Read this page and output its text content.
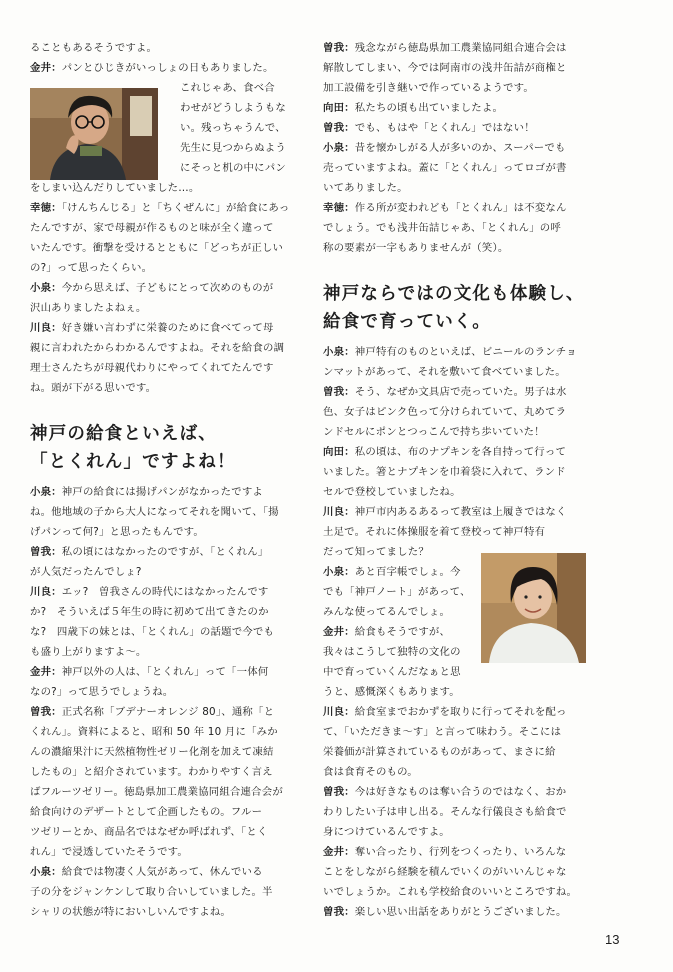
ることもあるそうですよ。
金井：パンとひじきがいっしょの日もありました。
これじゃあ、食べ合
わせがどうしようもな
い。残っちゃうんで、
先生に見つからぬよう
にそっと机の中にパン
をしまい込んだりしていました…。
幸徳：「けんちんじる」と「ちくぜんに」が給食にあっ
たんですが、家で母親が作るものと味が全く違って
いたんです。衝撃を受けるとともに「どっちが正しい
の?」って思ったくらい。
小泉：今から思えば、子どもにとって次めのものが
沢山ありましたよねぇ。
川良：好き嫌い言わずに栄養のために食べてって母
親に言われたからわかるんですよね。それを給食の調
理士さんたちが母親代わりにやってくれてたんです
ね。頭が下がる思いです。
神戸の給食といえば、
「とくれん」ですよね！
小泉：神戸の給食には揚げパンがなかったですよ
ね。他地域の子から大人になってそれを聞いて、「揚
げパンって何?」と思ったもんです。
曽我：私の頃にはなかったのですが、「とくれん」
が人気だったんでしょ?
川良：エッ?　曽我さんの時代にはなかったんです
か?　そういえば５年生の時に初めて出てきたのか
な?　四歳下の妹とは、「とくれん」の話題で今でも
も盛り上がりますよ〜。
金井：神戸以外の人は、「とくれん」って「一体何
なの?」って思うでしょうね。
曽我：正式名称「ブデナーオレンジ 80」、通称「と
くれん」。資料によると、昭和 50 年 10 月に「みか
んの濃縮果汁に天然植物性ゼリー化剤を加えて凍結
したもの」と紹介されています。わかりやすく言え
ばフルーツゼリー。徳島県加工農業協同組合連合会が
給食向けのデザートとして企画したもの。フルー
ツゼリーとか、商品名ではなぜか呼ばれず、「とく
れん」で浸透していたそうです。
小泉：給食では物凄く人気があって、休んでいる
子の分をジャンケンして取り合いしていました。半
シャリの状態が特においしいんですよね。
曽我：残念ながら徳島県加工農業協同組合連合会は
解散してしまい、今では阿南市の浅井缶詰が商権と
加工設備を引き継いで作っているようです。
向田：私たちの頃も出ていましたよ。
曽我：でも、もはや「とくれん」ではない！
小泉：昔を懐かしがる人が多いのか、スーパーでも
売っていますよね。蓋に「とくれん」ってロゴが書
いてありました。
幸徳：作る所が変われども「とくれん」は不変なん
でしょう。でも浅井缶詰じゃあ、「とくれん」の呼
称の要素が一字もありませんが（笑）。
神戸ならではの文化も体験し、
給食で育っていく。
小泉：神戸特有のものといえば、ビニールのランチョ
ンマットがあって、それを敷いて食べていました。
曽我：そう、なぜか文具店で売っていた。男子は水
色、女子はピンク色って分けられていて、丸めてラ
ンドセルにポンとつっこんで持ち歩いていた！
向田：私の頃は、布のナプキンを各自持って行って
いました。箸とナプキンを巾着袋に入れて、ランド
セルで登校していましたね。
川良：神戸市内あるあるって教室は上履きではなく
土足で。それに体操服を着て登校って神戸特有
だって知ってました？
小泉：あと百字帳でしょ。今
でも「神戸ノート」があって、
みんな使ってるんでしょ。
金井：給食もそうですが、
我々はこうして独特の文化の
中で育っていくんだなぁと思
うと、感慨深くもあります。
川良：給食室までおかずを取りに行ってそれを配っ
て、「いただきま〜す」と言って味わう。そこには
栄養価が計算されているものがあって、まさに給
食は食育そのもの。
曽我：今は好きなものは奪い合うのではなく、おか
わりしたい子は申し出る。そんな行儀良さも給食で
身につけているんですよ。
金井：奪い合ったり、行列をつくったり、いろんな
ことをしながら経験を積んでいくのがいいんじゃな
いでしょうか。これも学校給食のいいところですね。
曽我：楽しい思い出話をありがとうございました。
13
